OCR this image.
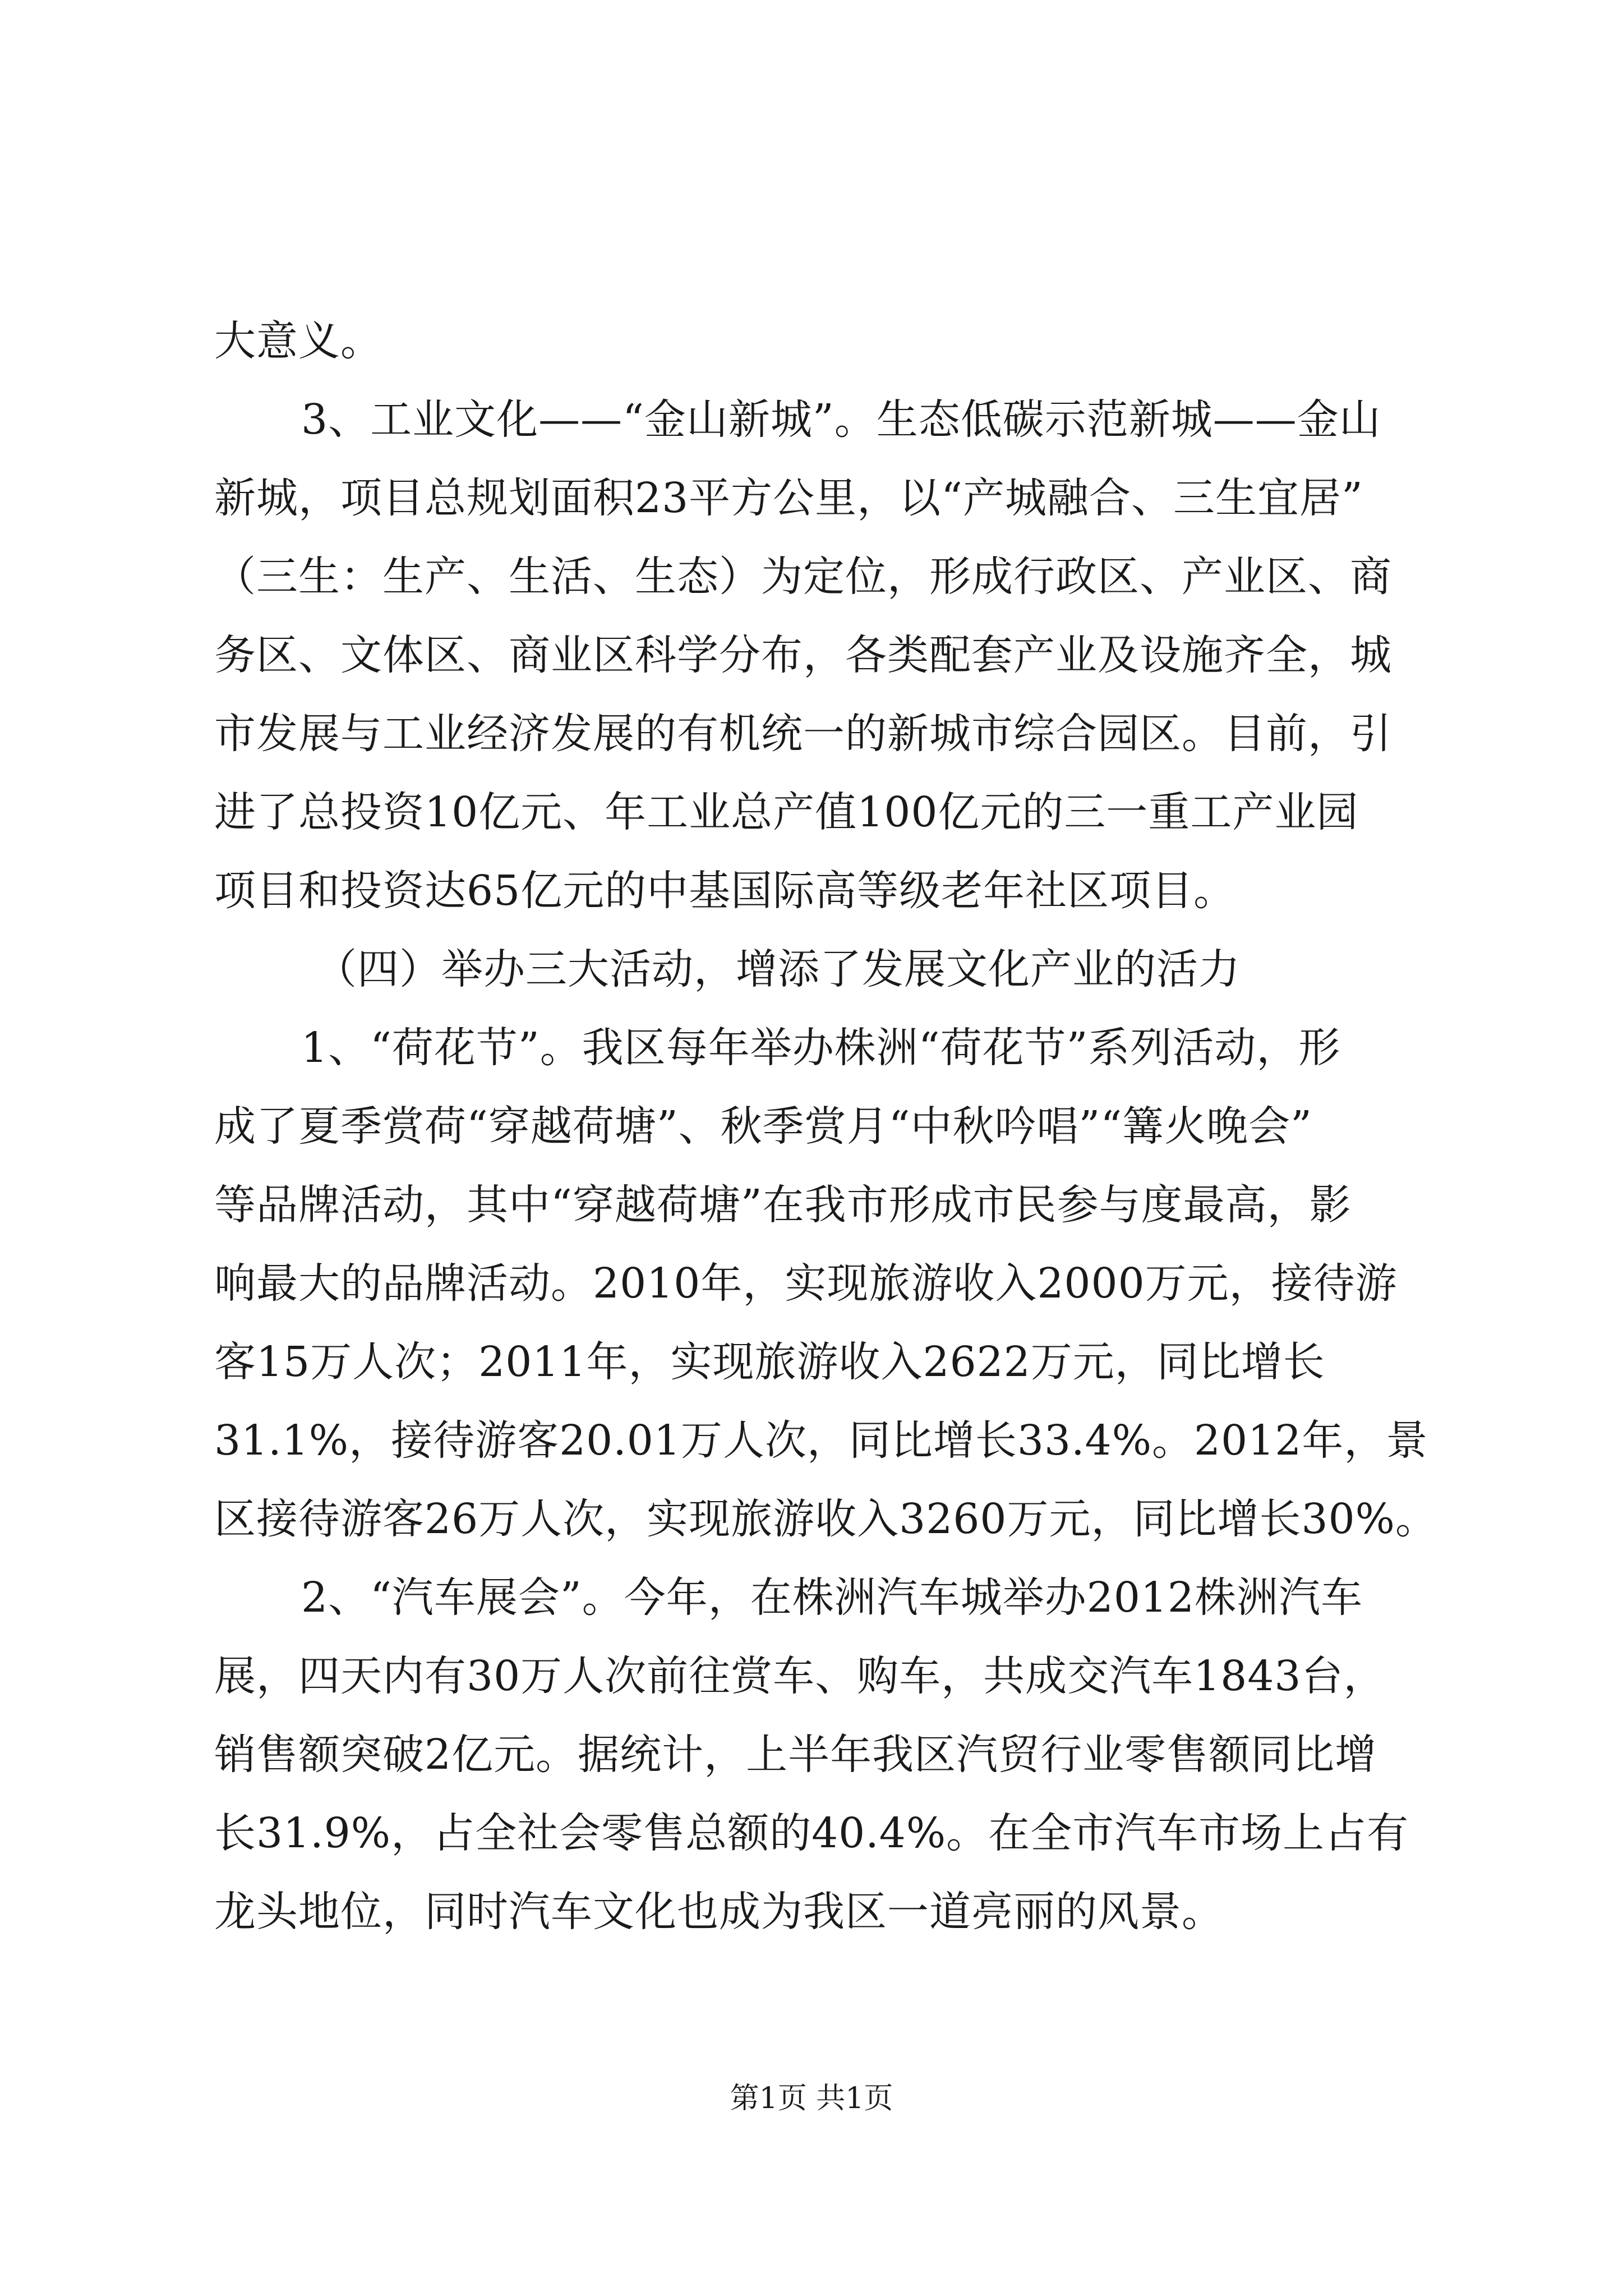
大意义。
3、工业文化——“金山新城”。生态低碳示范新城——金山
新城，项目总规划面积23平方公里，以“产城融合、三生宜居”
（三生：生产、生活、生态）为定位，形成行政区、产业区、商
务区、文体区、商业区科学分布，各类配套产业及设施齐全，城
市发展与工业经济发展的有机统一的新城市综合园区。目前，引
进了总投资10亿元、年工业总产值100亿元的三一重工产业园
项目和投资达65亿元的中基国际高等级老年社区项目。
（四）举办三大活动，增添了发展文化产业的活力
1、“荷花节”。我区每年举办株洲“荷花节”系列活动，形
成了夏季赏荷“穿越荷塘”、秋季赏月“中秋吟唱”“篝火晚会”
等品牌活动，其中“穿越荷塘”在我市形成市民参与度最高，影
响最大的品牌活动。2010年，实现旅游收入2000万元，接待游
客15万人次；2011年，实现旅游收入2622万元，同比增长
31.1%，接待游客20.01万人次，同比增长33.4%。2012年，景
区接待游客26万人次，实现旅游收入3260万元，同比增长30%。
2、“汽车展会”。今年，在株洲汽车城举办2012株洲汽车
展，四天内有30万人次前往赏车、购车，共成交汽车1843台，
销售额突破2亿元。据统计，上半年我区汽贸行业零售额同比增
长31.9%，占全社会零售总额的40.4%。在全市汽车市场上占有
龙头地位，同时汽车文化也成为我区一道亮丽的风景。
第1页 共1页
